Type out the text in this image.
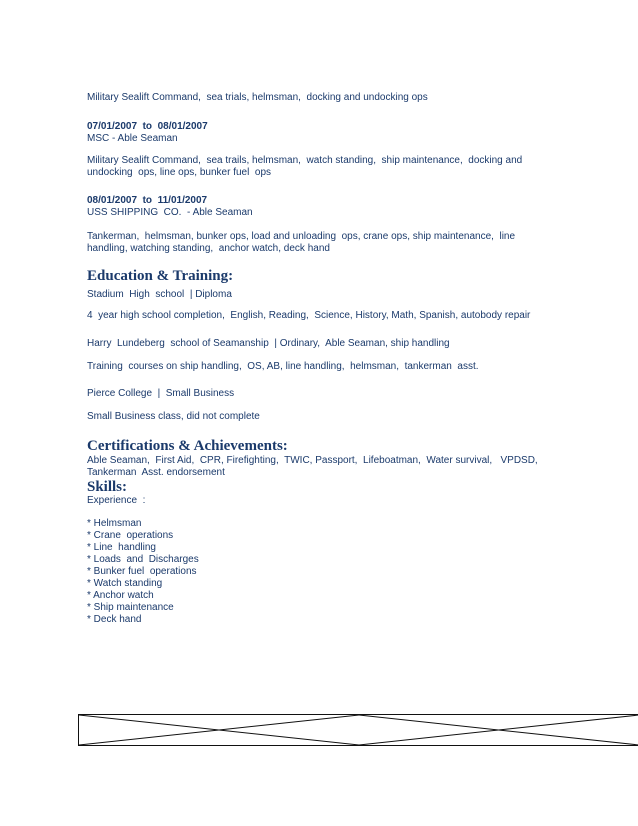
Military Sealift Command,  sea trials, helmsman,  docking and undocking ops

07/01/2007  to  08/01/2007

MSC - Able Seaman

Military Sealift Command,  sea trails, helmsman,  watch standing,  ship maintenance,  docking and
undocking  ops, line ops, bunker fuel  ops

08/01/2007  to  11/01/2007

USS SHIPPING  CO.  - Able Seaman

Tankerman,  helmsman, bunker ops, load and unloading  ops, crane ops, ship maintenance,  line
handling, watching standing,  anchor watch, deck hand

Education & Training:

Stadium  High  school  | Diploma

4  year high school completion,  English, Reading,  Science, History, Math, Spanish, autobody repair

Harry  Lundeberg  school of Seamanship  | Ordinary,  Able Seaman, ship handling

Training  courses on ship handling,  OS, AB, line handling,  helmsman,  tankerman  asst.

Pierce College  |  Small Business

Small Business class, did not complete

Certifications & Achievements:

Able Seaman,  First Aid,  CPR, Firefighting,  TWIC, Passport,  Lifeboatman,  Water survival,   VPDSD,
Tankerman  Asst. endorsement

Skills:

Experience  :

* Helmsman

* Crane  operations

* Line  handling

* Loads  and  Discharges

* Bunker fuel  operations

* Watch standing

* Anchor watch

* Ship maintenance

* Deck hand
